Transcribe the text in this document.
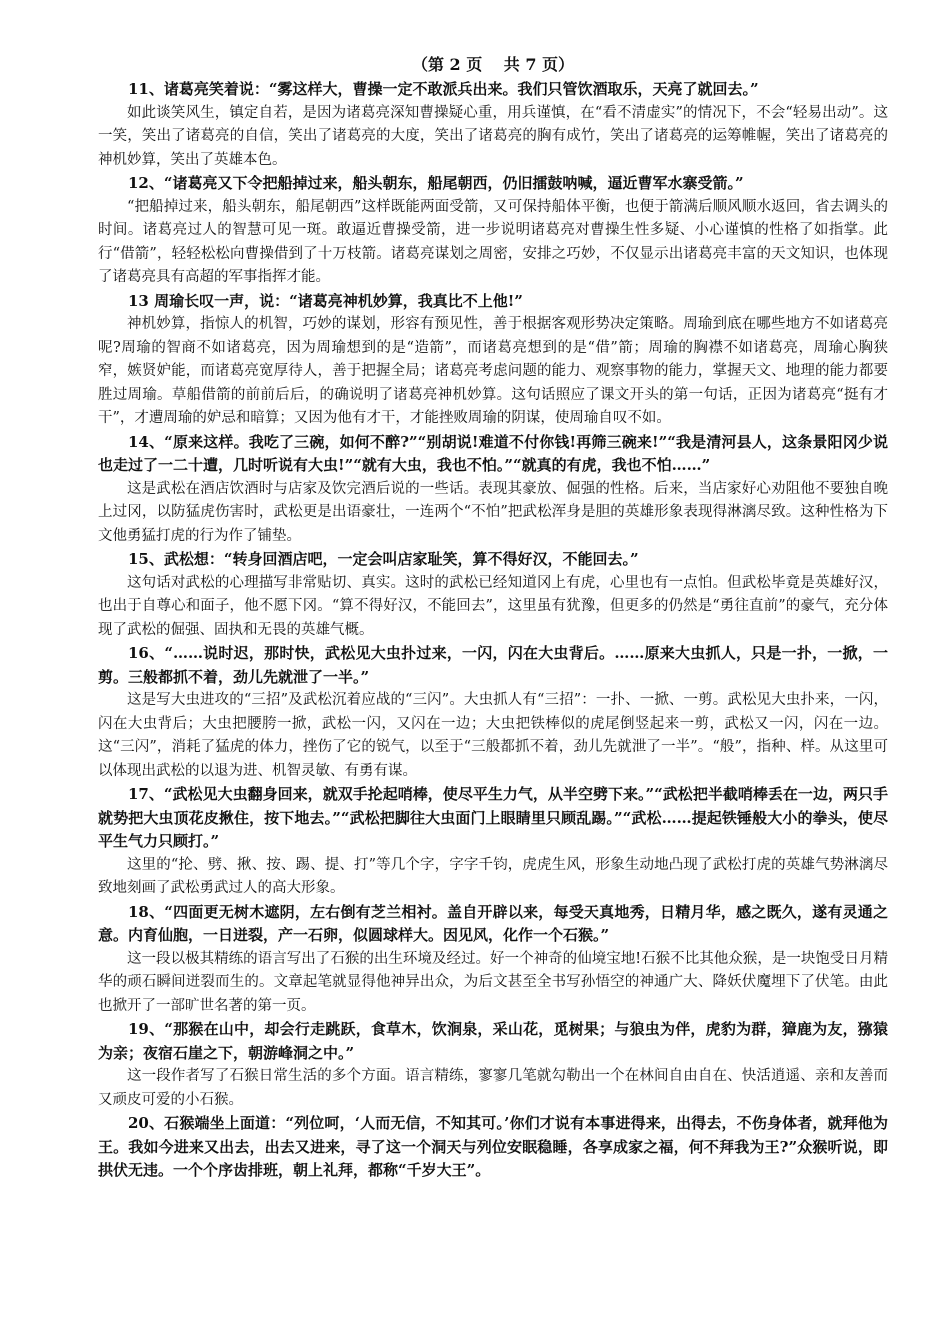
（第 2 页　 共 7 页）

11、诸葛亮笑着说：“雾这样大，曹操一定不敢派兵出来。我们只管饮酒取乐，天亮了就回去。”

如此谈笑风生，镇定自若，是因为诸葛亮深知曹操疑心重，用兵谨慎，在“看不清虚实”的情况下，不会“轻易出动”。这一笑，笑出了诸葛亮的自信，笑出了诸葛亮的大度，笑出了诸葛亮的胸有成竹，笑出了诸葛亮的运筹帷幄，笑出了诸葛亮的神机妙算，笑出了英雄本色。

12、“诸葛亮又下令把船掉过来，船头朝东，船尾朝西，仍旧擂鼓呐喊，逼近曹军水寨受箭。”

“把船掉过来，船头朝东，船尾朝西”这样既能两面受箭，又可保持船体平衡，也便于箭满后顺风顺水返回，省去调头的时间。诸葛亮过人的智慧可见一斑。敢逼近曹操受箭，进一步说明诸葛亮对曹操生性多疑、小心谨慎的性格了如指掌。此行“借箭”，轻轻松松向曹操借到了十万枝箭。诸葛亮谋划之周密，安排之巧妙，不仅显示出诸葛亮丰富的天文知识，也体现了诸葛亮具有高超的军事指挥才能。

13 周瑜长叹一声，说：“诸葛亮神机妙算，我真比不上他!”

神机妙算，指惊人的机智，巧妙的谋划，形容有预见性，善于根据客观形势决定策略。周瑜到底在哪些地方不如诸葛亮呢?周瑜的智商不如诸葛亮，因为周瑜想到的是“造箭”，而诸葛亮想到的是“借”箭；周瑜的胸襟不如诸葛亮，周瑜心胸狭窄，嫉贤妒能，而诸葛亮宽厚待人，善于把握全局；诸葛亮考虑问题的能力、观察事物的能力，掌握天文、地理的能力都要胜过周瑜。草船借箭的前前后后，的确说明了诸葛亮神机妙算。这句话照应了课文开头的第一句话，正因为诸葛亮“挺有才干”，才遭周瑜的妒忌和暗算；又因为他有才干，才能挫败周瑜的阴谋，使周瑜自叹不如。

14、“原来这样。我吃了三碗，如何不醉?”“别胡说!难道不付你钱!再筛三碗来!”“我是清河县人，这条景阳冈少说也走过了一二十遭，几时听说有大虫!”“就有大虫，我也不怕。”“就真的有虎，我也不怕……”

这是武松在酒店饮酒时与店家及饮完酒后说的一些话。表现其豪放、倔强的性格。后来，当店家好心劝阻他不要独自晚上过冈，以防猛虎伤害时，武松更是出语豪壮，一连两个“不怕”把武松浑身是胆的英雄形象表现得淋漓尽致。这种性格为下文他勇猛打虎的行为作了铺垫。

15、武松想：“转身回酒店吧，一定会叫店家耻笑，算不得好汉，不能回去。”

这句话对武松的心理描写非常贴切、真实。这时的武松已经知道冈上有虎，心里也有一点怕。但武松毕竟是英雄好汉，也出于自尊心和面子，他不愿下冈。“算不得好汉，不能回去”，这里虽有犹豫，但更多的仍然是“勇往直前”的豪气，充分体现了武松的倔强、固执和无畏的英雄气概。

16、“……说时迟，那时快，武松见大虫扑过来，一闪，闪在大虫背后。……原来大虫抓人，只是一扑，一掀，一剪。三般都抓不着，劲儿先就泄了一半。”

这是写大虫进攻的“三招”及武松沉着应战的“三闪”。大虫抓人有“三招”：一扑、一掀、一剪。武松见大虫扑来，一闪，闪在大虫背后；大虫把腰胯一掀，武松一闪，又闪在一边；大虫把铁棒似的虎尾倒竖起来一剪，武松又一闪，闪在一边。这“三闪”，消耗了猛虎的体力，挫伤了它的锐气，以至于“三般都抓不着，劲儿先就泄了一半”。“般”，指种、样。从这里可以体现出武松的以退为进、机智灵敏、有勇有谋。

17、“武松见大虫翻身回来，就双手抡起哨棒，使尽平生力气，从半空劈下来。”“武松把半截哨棒丢在一边，两只手就势把大虫顶花皮揪住，按下地去。”“武松把脚往大虫面门上眼睛里只顾乱踢。”“武松……提起铁锤般大小的拳头，使尽平生气力只顾打。”

这里的“抡、劈、揪、按、踢、提、打”等几个字，字字千钧，虎虎生风，形象生动地凸现了武松打虎的英雄气势淋漓尽致地刻画了武松勇武过人的高大形象。

18、“四面更无树木遮阴，左右倒有芝兰相衬。盖自开辟以来，每受天真地秀，日精月华，感之既久，遂有灵通之意。内育仙胞，一日迸裂，产一石卵，似圆球样大。因见风，化作一个石猴。”

这一段以极其精练的语言写出了石猴的出生环境及经过。好一个神奇的仙境宝地!石猴不比其他众猴，是一块饱受日月精华的顽石瞬间迸裂而生的。文章起笔就显得他神异出众，为后文甚至全书写孙悟空的神通广大、降妖伏魔埋下了伏笔。由此也掀开了一部旷世名著的第一页。

19、“那猴在山中，却会行走跳跃，食草木，饮涧泉，采山花，觅树果；与狼虫为伴，虎豹为群，獐鹿为友，猕猿为亲；夜宿石崖之下，朝游峰洞之中。”

这一段作者写了石猴日常生活的多个方面。语言精练，寥寥几笔就勾勒出一个在林间自由自在、快活逍遥、亲和友善而又顽皮可爱的小石猴。

20、石猴端坐上面道：“列位呵，‘人而无信，不知其可。’你们才说有本事进得来，出得去，不伤身体者，就拜他为王。我如今进来又出去，出去又进来，寻了这一个洞天与列位安眠稳睡，各享成家之福，何不拜我为王?”众猴听说，即拱伏无违。一个个序齿排班，朝上礼拜，都称“千岁大王”。
